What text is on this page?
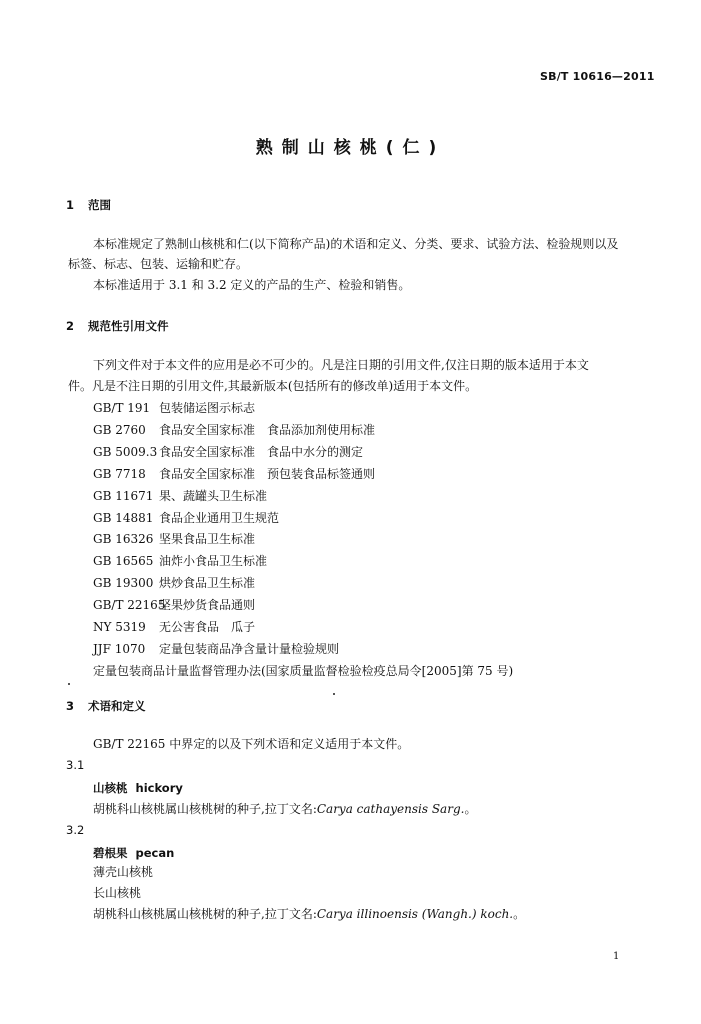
SB/T 10616—2011
熟制山核桃(仁)
1 范围
本标准规定了熟制山核桃和仁(以下简称产品)的术语和定义、分类、要求、试验方法、检验规则以及
标签、标志、包装、运输和贮存。
本标准适用于 3.1 和 3.2 定义的产品的生产、检验和销售。
2 规范性引用文件
下列文件对于本文件的应用是必不可少的。凡是注日期的引用文件,仅注日期的版本适用于本文
件。凡是不注日期的引用文件,其最新版本(包括所有的修改单)适用于本文件。
GB/T 191 包装储运图示标志
GB 2760 食品安全国家标准　食品添加剂使用标准
GB 5009.3 食品安全国家标准　食品中水分的测定
GB 7718 食品安全国家标准　预包装食品标签通则
GB 11671 果、蔬罐头卫生标准
GB 14881 食品企业通用卫生规范
GB 16326 坚果食品卫生标准
GB 16565 油炸小食品卫生标准
GB 19300 烘炒食品卫生标准
GB/T 22165坚果炒货食品通则
NY 5319 无公害食品　瓜子
JJF 1070 定量包装商品净含量计量检验规则
定量包装商品计量监督管理办法(国家质量监督检验检疫总局令[2005]第 75 号)
3 术语和定义
GB/T 22165 中界定的以及下列术语和定义适用于本文件。
3.1
山核桃 hickory
胡桃科山核桃属山核桃树的种子,拉丁文名:Carya cathayensis Sarg.。
3.2
碧根果 pecan
薄壳山核桃
长山核桃
胡桃科山核桃属山核桃树的种子,拉丁文名:Carya illinoensis (Wangh.) koch.。
1
